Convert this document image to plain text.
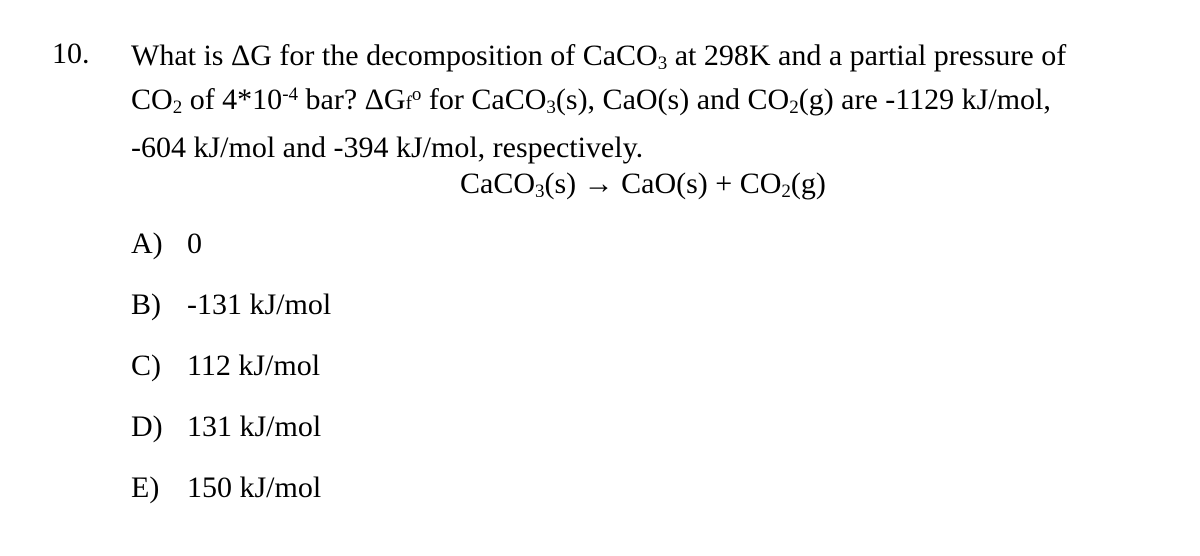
10. What is ΔG for the decomposition of CaCO$_3$ at 298K and a partial pressure of
$CO_2$ of $4*10^{-4}$ bar? ΔGf$^o$ for CaCO$_3$(s), CaO(s) and $CO_2(g)$ are -1129 kJ/mol,
-604 kJ/mol and -394 kJ/mol, respectively.
CaCO$_3$(s) → $CaO(s) + CO_2(g)$
A) 0
B) -131 kJ/mol
C) 112 kJ/mol
D) 131 kJ/mol
E) 150 kJ/mol
